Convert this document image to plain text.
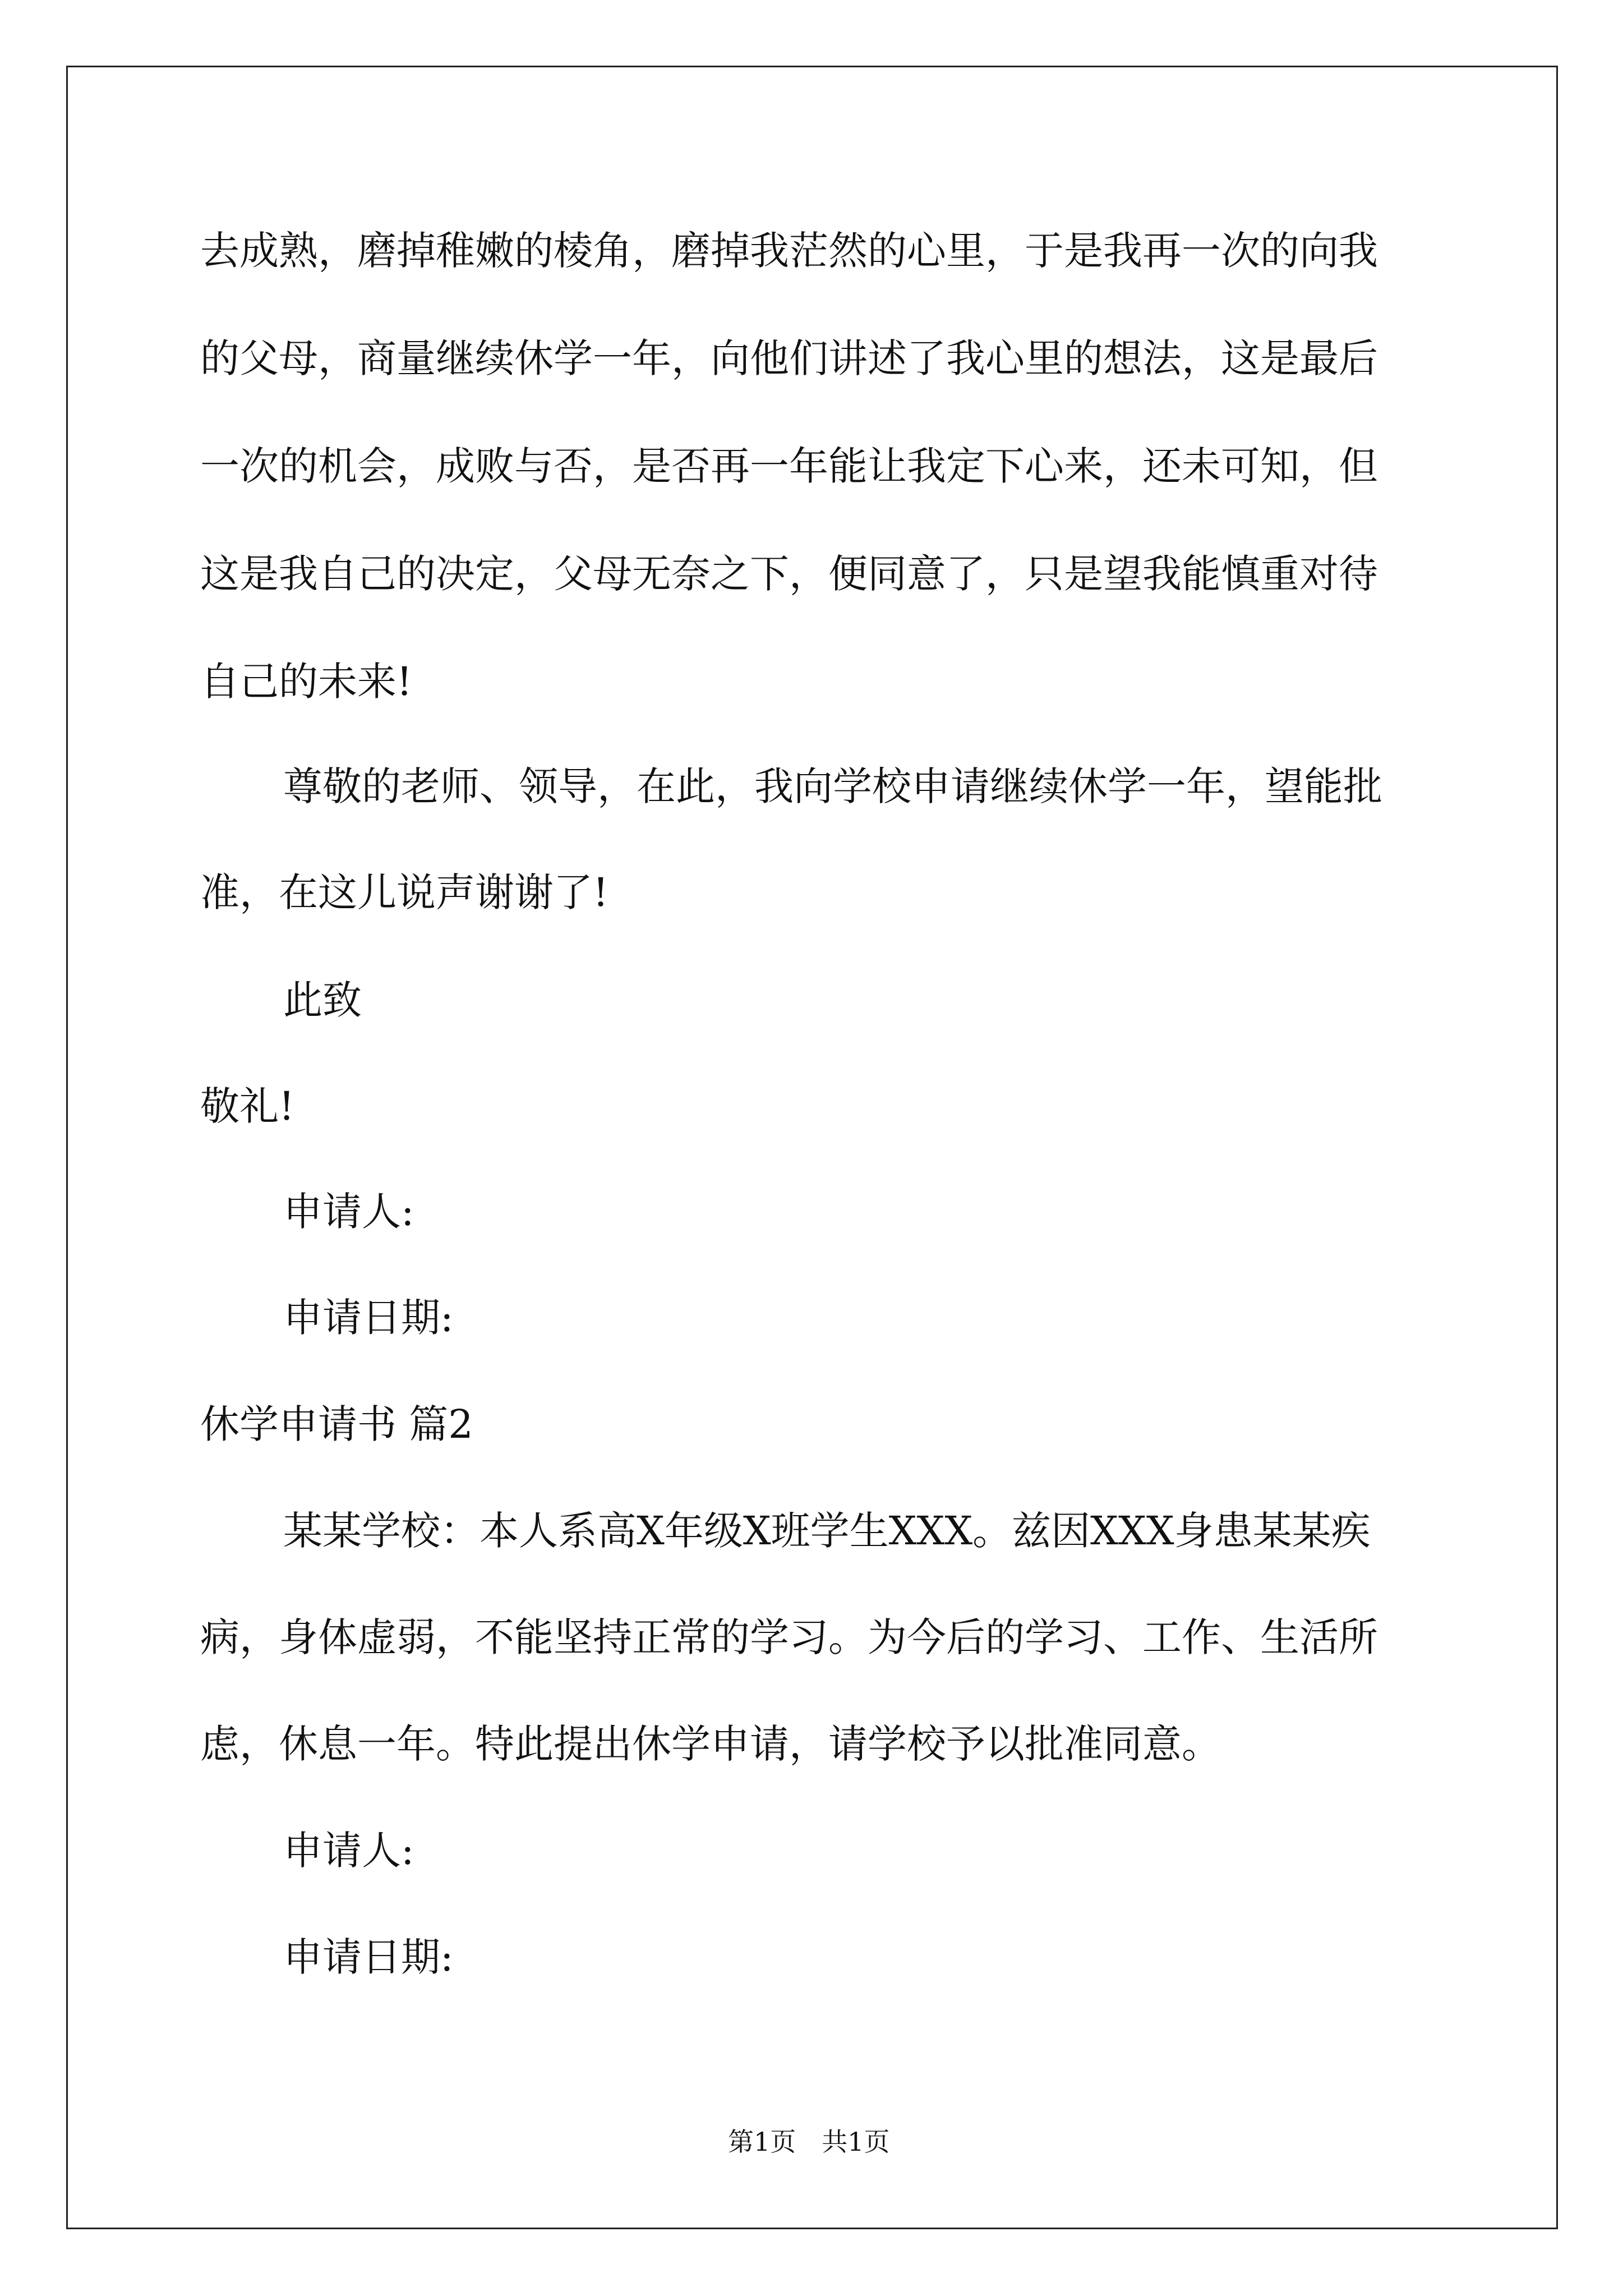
去成熟，磨掉稚嫩的棱角，磨掉我茫然的心里，于是我再一次的向我
的父母，商量继续休学一年，向他们讲述了我心里的想法，这是最后
一次的机会，成败与否，是否再一年能让我定下心来，还未可知，但
这是我自己的决定，父母无奈之下，便同意了，只是望我能慎重对待
自己的未来!
尊敬的老师、领导，在此，我向学校申请继续休学一年，望能批
准，在这儿说声谢谢了!
此致
敬礼!
申请人:
申请日期:
休学申请书 篇2
某某学校：本人系高X年级X班学生XXX。兹因XXX身患某某疾
病，身体虚弱，不能坚持正常的学习。为今后的学习、工作、生活所
虑，休息一年。特此提出休学申请，请学校予以批准同意。
申请人:
申请日期:
第1页　共1页
